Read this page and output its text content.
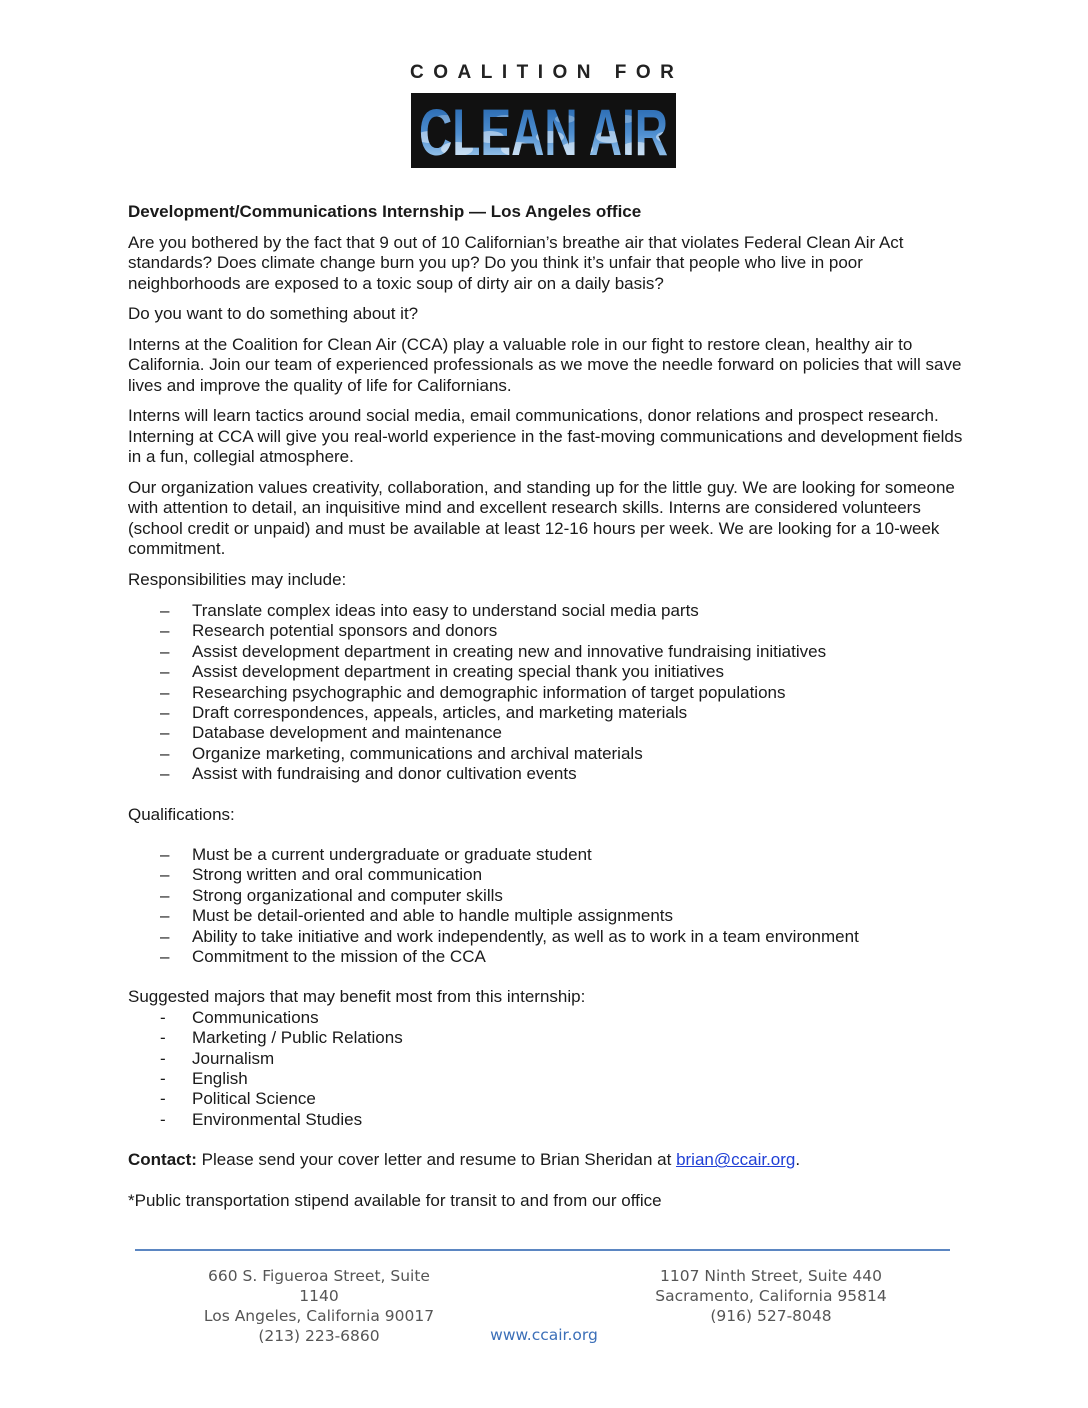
COALITION FOR
CLEAN AIR
Development/Communications Internship — Los Angeles office

Are you bothered by the fact that 9 out of 10 Californian’s breathe air that violates Federal Clean Air Act standards? Does climate change burn you up? Do you think it’s unfair that people who live in poor neighborhoods are exposed to a toxic soup of dirty air on a daily basis?

Do you want to do something about it?

Interns at the Coalition for Clean Air (CCA) play a valuable role in our fight to restore clean, healthy air to California. Join our team of experienced professionals as we move the needle forward on policies that will save lives and improve the quality of life for Californians.

Interns will learn tactics around social media, email communications, donor relations and prospect research. Interning at CCA will give you real-world experience in the fast-moving communications and development fields in a fun, collegial atmosphere.

Our organization values creativity, collaboration, and standing up for the little guy. We are looking for someone with attention to detail, an inquisitive mind and excellent research skills. Interns are considered volunteers (school credit or unpaid) and must be available at least 12-16 hours per week. We are looking for a 10-week commitment.

Responsibilities may include:

– Translate complex ideas into easy to understand social media parts
– Research potential sponsors and donors
– Assist development department in creating new and innovative fundraising initiatives
– Assist development department in creating special thank you initiatives
– Researching psychographic and demographic information of target populations
– Draft correspondences, appeals, articles, and marketing materials
– Database development and maintenance
– Organize marketing, communications and archival materials
– Assist with fundraising and donor cultivation events

Qualifications:

– Must be a current undergraduate or graduate student
– Strong written and oral communication
– Strong organizational and computer skills
– Must be detail-oriented and able to handle multiple assignments
– Ability to take initiative and work independently, as well as to work in a team environment
– Commitment to the mission of the CCA

Suggested majors that may benefit most from this internship:

- Communications
- Marketing / Public Relations
- Journalism
- English
- Political Science
- Environmental Studies

Contact: Please send your cover letter and resume to Brian Sheridan at brian@ccair.org.

*Public transportation stipend available for transit to and from our office

660 S. Figueroa Street, Suite 1140
Los Angeles, California 90017
(213) 223-6860
1107 Ninth Street, Suite 440
Sacramento, California 95814
(916) 527-8048
www.ccair.org
